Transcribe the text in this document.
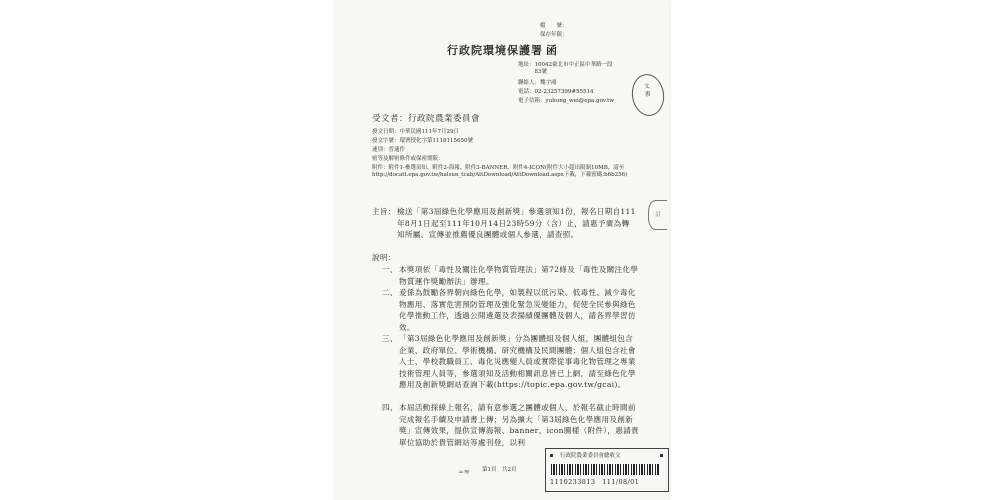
檔　　號：
保存年限：
行政院環境保護署 函
地址：10042臺北市中正區中華路一段
　　　83號
聯絡人：魏宇鴻
電話：02-23257399#55514
電子信箱：yuhung_wei@epa.gov.tw
文
書
受文者：行政院農業委員會
發文日期：中華民國111年7月29日
發文字號：環署授化字第1118115650號
速別：普通件
密等及解密條件或保密期限：
附件：附件1-參選須知、附件2-海報、附件3-BANNER、附件4-ICON(附件大小超出限制10MB，請至http://docatt.epa.gov.tw/halsun_tcab/AttDownload/AttDownload.aspx下載，下載密碼:b6b256)
訂
主旨： 檢送「第3屆綠色化學應用及創新獎」參選須知1份，報名日期自111年8月1日起至111年10月14日23時59分（含）止，請惠予廣為轉知所屬、宣傳並推薦優良團體或個人參選，請查照。
說明：
一、 本獎項依「毒性及關注化學物質管理法」第72條及「毒性及關注化學物質運作獎勵辦法」辦理。
二、 爰係為鼓勵各界朝向綠色化學，如製程以低污染、低毒性、減少毒化物應用、落實危害預防管理及強化緊急災變能力，促使全民參與綠色化學推動工作，透過公開遴選及表揚績優團體及個人，請各界學習仿效。
三、 「第3屆綠色化學應用及創新獎」分為團體組及個人組，團體組包含企業、政府單位、學術機構、研究機構及民間團體；個人組包含社會人士、學校教職員工、毒化災應變人員或實際從事毒化物管理之專業技術管理人員等，參選須知及活動相關訊息皆已上網，請至綠色化學應用及創新獎網站查詢下載(https://topic.epa.gov.tw/gcai)。
四、 本屆活動採線上報名，請有意參選之團體或個人，於報名截止時間前完成報名手續及申請書上傳；另為擴大「第3屆綠色化學應用及創新獎」宣傳效果，提供宣傳海報、banner、icon圖樣（附件），惠請貴單位協助於貴管網站等處刊登，以利
第1頁　共2頁
≈≋
行政院農業委員會總收文
1110233813　111/08/01
